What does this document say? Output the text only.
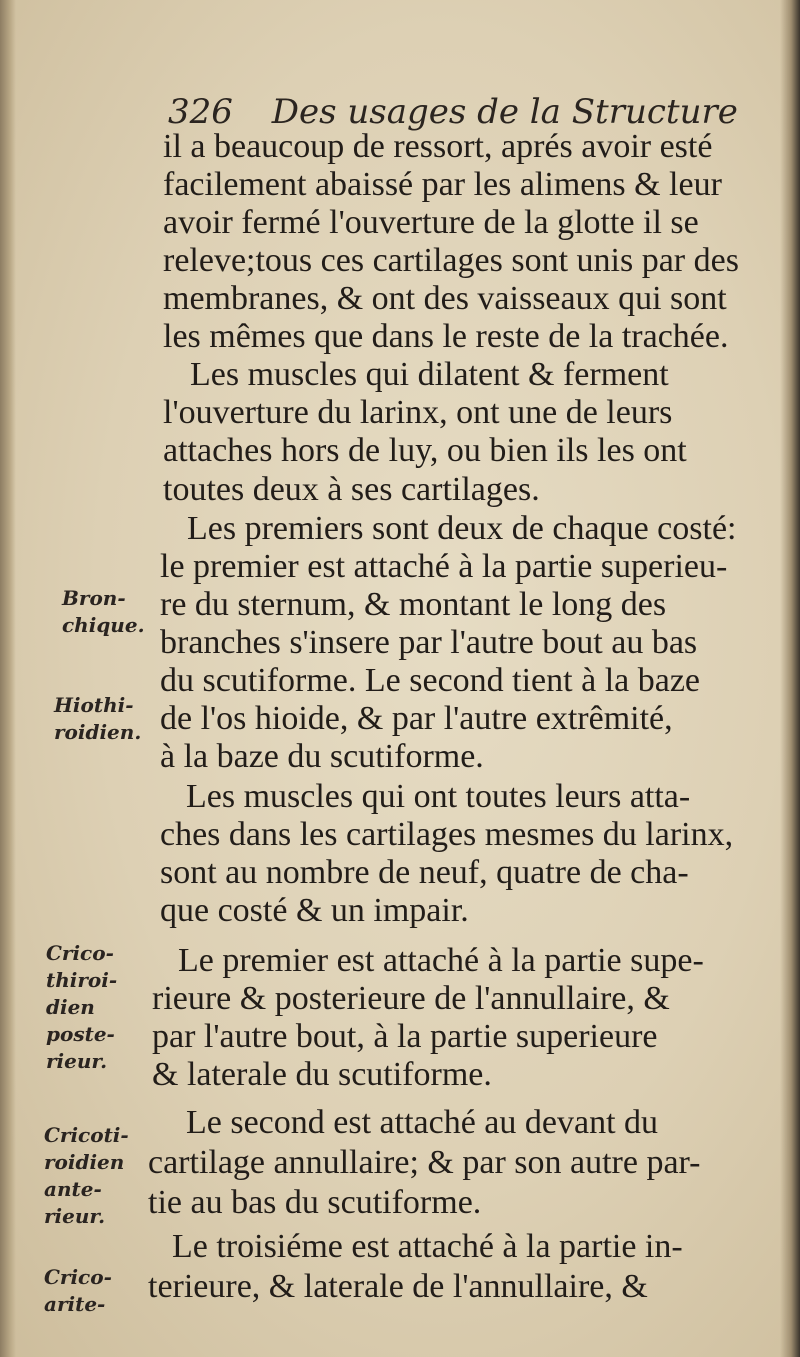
326 Des usages de la Structure
il a beaucoup de ressort, aprés avoir esté
facilement abaissé par les alimens & leur
avoir fermé l'ouverture de la glotte il se
releve;tous ces cartilages sont unis par des
membranes, & ont des vaisseaux qui sont
les mêmes que dans le reste de la trachée.
Les muscles qui dilatent & ferment
l'ouverture du larinx, ont une de leurs
attaches hors de luy, ou bien ils les ont
toutes deux à ses cartilages.
Les premiers sont deux de chaque costé:
le premier est attaché à la partie superieu-
re du sternum, & montant le long des
branches s'insere par l'autre bout au bas
du scutiforme. Le second tient à la baze
de l'os hioide, & par l'autre extrêmité,
à la baze du scutiforme.
Les muscles qui ont toutes leurs atta-
ches dans les cartilages mesmes du larinx,
sont au nombre de neuf, quatre de cha-
que costé & un impair.
Le premier est attaché à la partie supe-
rieure & posterieure de l'annullaire, &
par l'autre bout, à la partie superieure
& laterale du scutiforme.
Le second est attaché au devant du
cartilage annullaire; & par son autre par-
tie au bas du scutiforme.
Le troisiéme est attaché à la partie in-
terieure, & laterale de l'annullaire, &
Bron-
chique.
Hiothi-
roidien.
Crico-
thiroi-
dien
poste-
rieur.
Cricoti-
roidien
ante-
rieur.
Crico-
arite-
